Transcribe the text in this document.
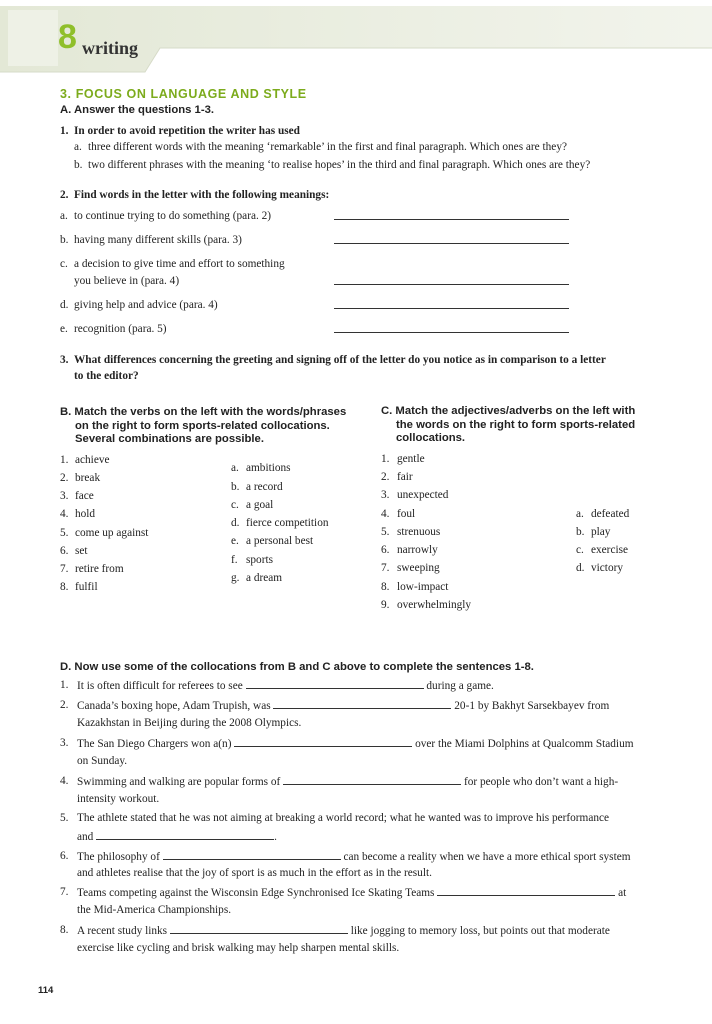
8 writing
3. FOCUS ON LANGUAGE AND STYLE
A. Answer the questions 1-3.
1. In order to avoid repetition the writer has used
a. three different words with the meaning ‘remarkable’ in the first and final paragraph. Which ones are they?
b. two different phrases with the meaning ‘to realise hopes’ in the third and final paragraph. Which ones are they?
2. Find words in the letter with the following meanings:
a. to continue trying to do something (para. 2)
b. having many different skills (para. 3)
c. a decision to give time and effort to something
you believe in (para. 4)
d. giving help and advice (para. 4)
e. recognition (para. 5)
3. What differences concerning the greeting and signing off of the letter do you notice as in comparison to a letter
to the editor?
B. Match the verbs on the left with the words/phrases
on the right to form sports-related collocations.
Several combinations are possible.
1. achieve
2. break
3. face
4. hold
5. come up against
6. set
7. retire from
8. fulfil
a. ambitions
b. a record
c. a goal
d. fierce competition
e. a personal best
f. sports
g. a dream
C. Match the adjectives/adverbs on the left with
the words on the right to form sports-related
collocations.
1. gentle
2. fair
3. unexpected
4. foul
5. strenuous
6. narrowly
7. sweeping
8. low-impact
9. overwhelmingly
a. defeated
b. play
c. exercise
d. victory
D. Now use some of the collocations from B and C above to complete the sentences 1-8.
1. It is often difficult for referees to see	during a game.
2. Canada’s boxing hope, Adam Trupish, was	20-1 by Bakhyt Sarsekbayev from
Kazakhstan in Beijing during the 2008 Olympics.
3. The San Diego Chargers won a(n)	over the Miami Dolphins at Qualcomm Stadium
on Sunday.
4. Swimming and walking are popular forms of	for people who don’t want a high-
intensity workout.
5. The athlete stated that he was not aiming at breaking a world record; what he wanted was to improve his performance
and	.
6. The philosophy of	can become a reality when we have a more ethical sport system
and athletes realise that the joy of sport is as much in the effort as in the result.
7. Teams competing against the Wisconsin Edge Synchronised Ice Skating Teams	at
the Mid-America Championships.
8. A recent study links	like jogging to memory loss, but points out that moderate
exercise like cycling and brisk walking may help sharpen mental skills.
114
